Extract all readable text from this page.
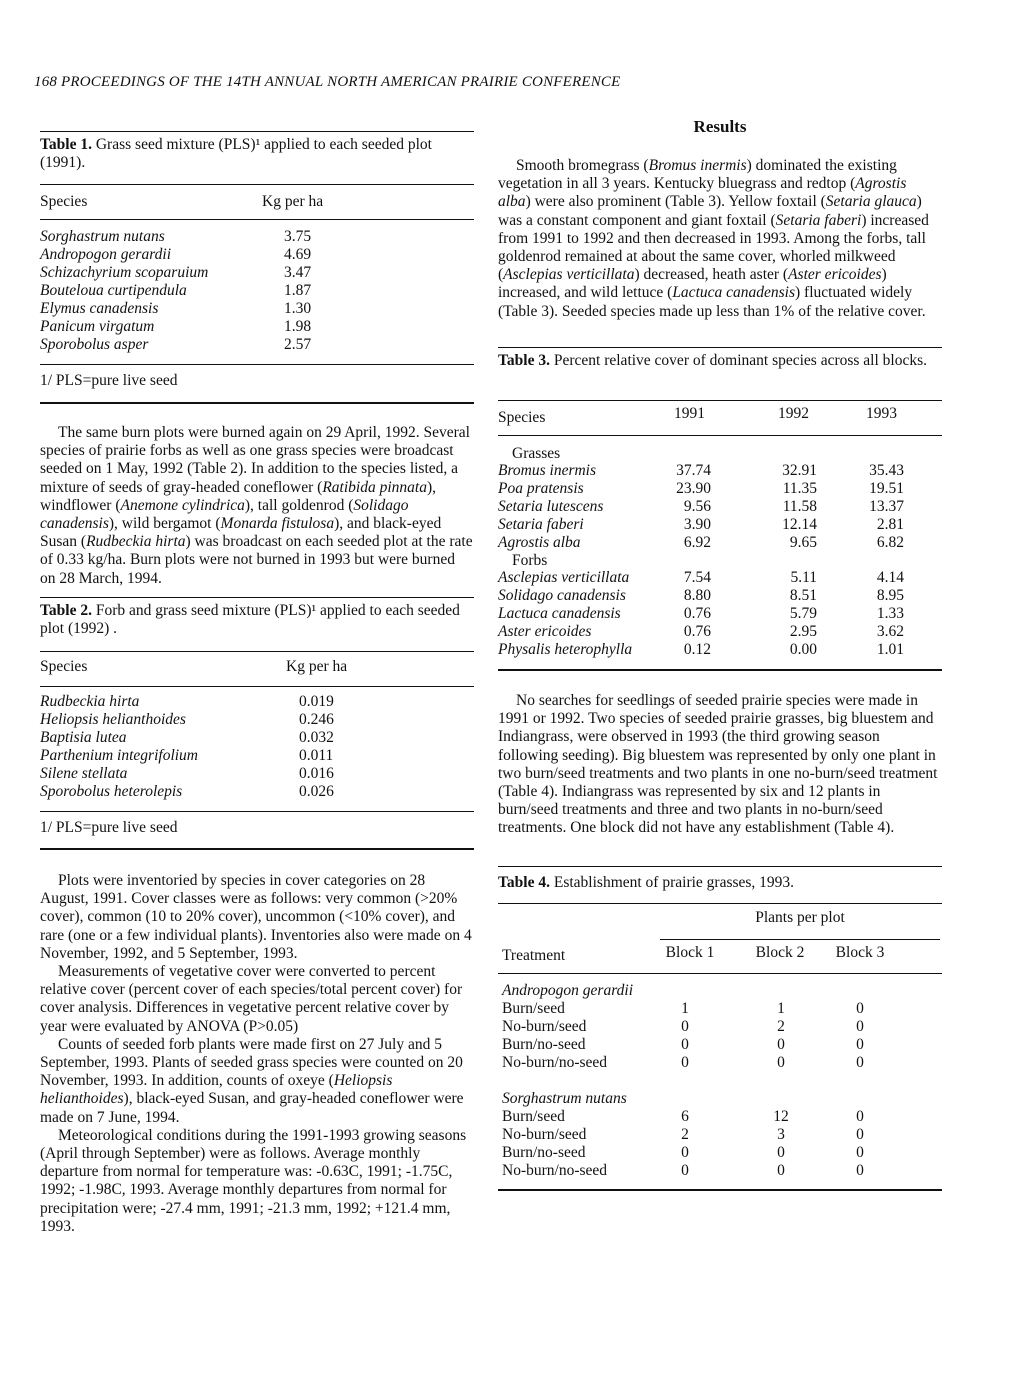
168 PROCEEDINGS OF THE 14TH ANNUAL NORTH AMERICAN PRAIRIE CONFERENCE
Table 1. Grass seed mixture (PLS)¹ applied to each seeded plot (1991).
Species	Kg per ha
Sorghastrum nutans	3.75
Andropogon gerardii	4.69
Schizachyrium scoparuium	3.47
Bouteloua curtipendula	1.87
Elymus canadensis	1.30
Panicum virgatum	1.98
Sporobolus asper	2.57
1/ PLS=pure live seed

The same burn plots were burned again on 29 April, 1992. Several species of prairie forbs as well as one grass species were broadcast seeded on 1 May, 1992 (Table 2). In addition to the species listed, a mixture of seeds of gray-headed coneflower (Ratibida pinnata), windflower (Anemone cylindrica), tall goldenrod (Solidago canadensis), wild bergamot (Monarda fistulosa), and black-eyed Susan (Rudbeckia hirta) was broadcast on each seeded plot at the rate of 0.33 kg/ha. Burn plots were not burned in 1993 but were burned on 28 March, 1994.

Table 2. Forb and grass seed mixture (PLS)¹ applied to each seeded plot (1992) .
Species	Kg per ha
Rudbeckia hirta	0.019
Heliopsis helianthoides	0.246
Baptisia lutea	0.032
Parthenium integrifolium	0.011
Silene stellata	0.016
Sporobolus heterolepis	0.026
1/ PLS=pure live seed

Plots were inventoried by species in cover categories on 28 August, 1991. Cover classes were as follows: very common (>20% cover), common (10 to 20% cover), uncommon (<10% cover), and rare (one or a few individual plants). Inventories also were made on 4 November, 1992, and 5 September, 1993.

Measurements of vegetative cover were converted to percent relative cover (percent cover of each species/total percent cover) for cover analysis. Differences in vegetative percent relative cover by year were evaluated by ANOVA (P>0.05)

Counts of seeded forb plants were made first on 27 July and 5 September, 1993. Plants of seeded grass species were counted on 20 November, 1993. In addition, counts of oxeye (Heliopsis helianthoides), black-eyed Susan, and gray-headed coneflower were made on 7 June, 1994.

Meteorological conditions during the 1991-1993 growing seasons (April through September) were as follows. Average monthly departure from normal for temperature was: -0.63C, 1991; -1.75C, 1992; -1.98C, 1993. Average monthly departures from normal for precipitation were; -27.4 mm, 1991; -21.3 mm, 1992; +121.4 mm, 1993.

Results

Smooth bromegrass (Bromus inermis) dominated the existing vegetation in all 3 years. Kentucky bluegrass and redtop (Agrostis alba) were also prominent (Table 3). Yellow foxtail (Setaria glauca) was a constant component and giant foxtail (Setaria faberi) increased from 1991 to 1992 and then decreased in 1993. Among the forbs, tall goldenrod remained at about the same cover, whorled milkweed (Asclepias verticillata) decreased, heath aster (Aster ericoides) increased, and wild lettuce (Lactuca canadensis) fluctuated widely (Table 3). Seeded species made up less than 1% of the relative cover.

Table 3. Percent relative cover of dominant species across all blocks.
Species	1991	1992	1993
Grasses
Bromus inermis	37.74	32.91	35.43
Poa pratensis	23.90	11.35	19.51
Setaria lutescens	9.56	11.58	13.37
Setaria faberi	3.90	12.14	2.81
Agrostis alba	6.92	9.65	6.82
Forbs
Asclepias verticillata	7.54	5.11	4.14
Solidago canadensis	8.80	8.51	8.95
Lactuca canadensis	0.76	5.79	1.33
Aster ericoides	0.76	2.95	3.62
Physalis heterophylla	0.12	0.00	1.01

No searches for seedlings of seeded prairie species were made in 1991 or 1992. Two species of seeded prairie grasses, big bluestem and Indiangrass, were observed in 1993 (the third growing season following seeding). Big bluestem was represented by only one plant in two burn/seed treatments and two plants in one no-burn/seed treatment (Table 4). Indiangrass was represented by six and 12 plants in burn/seed treatments and three and two plants in no-burn/seed treatments. One block did not have any establishment (Table 4).

Table 4. Establishment of prairie grasses, 1993.
Plants per plot
Treatment	Block 1	Block 2	Block 3
Andropogon gerardii
Burn/seed	1	1	0
No-burn/seed	0	2	0
Burn/no-seed	0	0	0
No-burn/no-seed	0	0	0
Sorghastrum nutans
Burn/seed	6	12	0
No-burn/seed	2	3	0
Burn/no-seed	0	0	0
No-burn/no-seed	0	0	0
